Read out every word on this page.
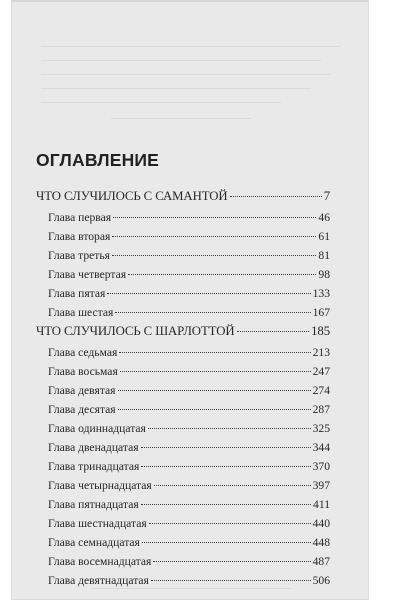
ОГЛАВЛЕНИЕ
ЧТО СЛУЧИЛОСЬ С САМАНТОЙ	7
Глава первая	46
Глава вторая	61
Глава третья	81
Глава четвертая	98
Глава пятая	133
Глава шестая	167
ЧТО СЛУЧИЛОСЬ С ШАРЛОТТОЙ	185
Глава седьмая	213
Глава восьмая	247
Глава девятая	274
Глава десятая	287
Глава одиннадцатая	325
Глава двенадцатая	344
Глава тринадцатая	370
Глава четырнадцатая	397
Глава пятнадцатая	411
Глава шестнадцатая	440
Глава семнадцатая	448
Глава восемнадцатая	487
Глава девятнадцатая	506
